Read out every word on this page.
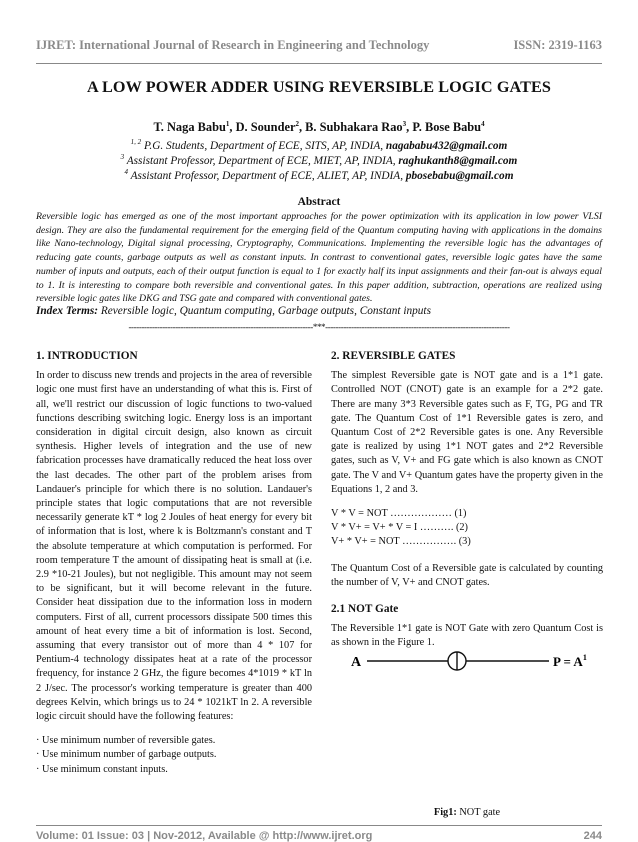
IJRET: International Journal of Research in Engineering and Technology	ISSN: 2319-1163
A LOW POWER ADDER USING REVERSIBLE LOGIC GATES
T. Naga Babu$^1$, D. Sounder$^2$, B. Subhakara Rao$^3$, P. Bose Babu$^4$
$^{1, 2}$ P.G. Students, Department of ECE, SITS, AP, INDIA, nagababu432@gmail.com
$^3$ Assistant Professor, Department of ECE, MIET, AP, INDIA, raghukanth8@gmail.com
$^4$ Assistant Professor, Department of ECE, ALIET, AP, INDIA, pbosebabu@gmail.com
Abstract
Reversible logic has emerged as one of the most important approaches for the power optimization with its application in low power VLSI design. They are also the fundamental requirement for the emerging field of the Quantum computing having with applications in the domains like Nano-technology, Digital signal processing, Cryptography, Communications. Implementing the reversible logic has the advantages of reducing gate counts, garbage outputs as well as constant inputs. In contrast to conventional gates, reversible logic gates have the same number of inputs and outputs, each of their output function is equal to 1 for exactly half its input assignments and their fan-out is always equal to 1. It is interesting to compare both reversible and conventional gates. In this paper addition, subtraction, operations are realized using reversible logic gates like DKG and TSG gate and compared with conventional gates.
Index Terms: Reversible logic, Quantum computing, Garbage outputs, Constant inputs
-----------------------------------------------------------------------***-----------------------------------------------------------------------
1. INTRODUCTION

In order to discuss new trends and projects in the area of reversible logic one must first have an understanding of what this is. First of all, we'll restrict our discussion of logic functions to two-valued functions describing switching logic. Energy loss is an important consideration in digital circuit design, also known as circuit synthesis. Higher levels of integration and the use of new fabrication processes have dramatically reduced the heat loss over the last decades. The other part of the problem arises from Landauer's principle for which there is no solution. Landauer's principle states that logic computations that are not reversible necessarily generate kT * log 2 Joules of heat energy for every bit of information that is lost, where k is Boltzmann's constant and T the absolute temperature at which computation is performed. For room temperature T the amount of dissipating heat is small at (i.e. 2.9 *10-21 Joules), but not negligible. This amount may not seem to be significant, but it will become relevant in the future. Consider heat dissipation due to the information loss in modern computers. First of all, current processors dissipate 500 times this amount of heat every time a bit of information is lost. Second, assuming that every transistor out of more than 4 * 107 for Pentium-4 technology dissipates heat at a rate of the processor frequency, for instance 2 GHz, the figure becomes 4*1019 * kT ln 2 J/sec. The processor's working temperature is greater than 400 degrees Kelvin, which brings us to 24 * 1021kT ln 2. A reversible logic circuit should have the following features:

· Use minimum number of reversible gates.
· Use minimum number of garbage outputs.
· Use minimum constant inputs.
2. REVERSIBLE GATES

The simplest Reversible gate is NOT gate and is a 1*1 gate. Controlled NOT (CNOT) gate is an example for a 2*2 gate. There are many 3*3 Reversible gates such as F, TG, PG and TR gate. The Quantum Cost of 1*1 Reversible gates is zero, and Quantum Cost of 2*2 Reversible gates is one. Any Reversible gate is realized by using 1*1 NOT gates and 2*2 Reversible gates, such as V, V+ and FG gate which is also known as CNOT gate. The V and V+ Quantum gates have the property given in the Equations 1, 2 and 3.

V * V = NOT ……………… (1)
V * V+ = V+ * V = I ………. (2)
V+ * V+ = NOT ……………. (3)

The Quantum Cost of a Reversible gate is calculated by counting the number of V, V+ and CNOT gates.

2.1 NOT Gate

The Reversible 1*1 gate is NOT Gate with zero Quantum Cost is as shown in the Figure 1.

A	$P = A^1$
Fig1: NOT gate
Volume: 01 Issue: 03 | Nov-2012, Available @ http://www.ijret.org	244
